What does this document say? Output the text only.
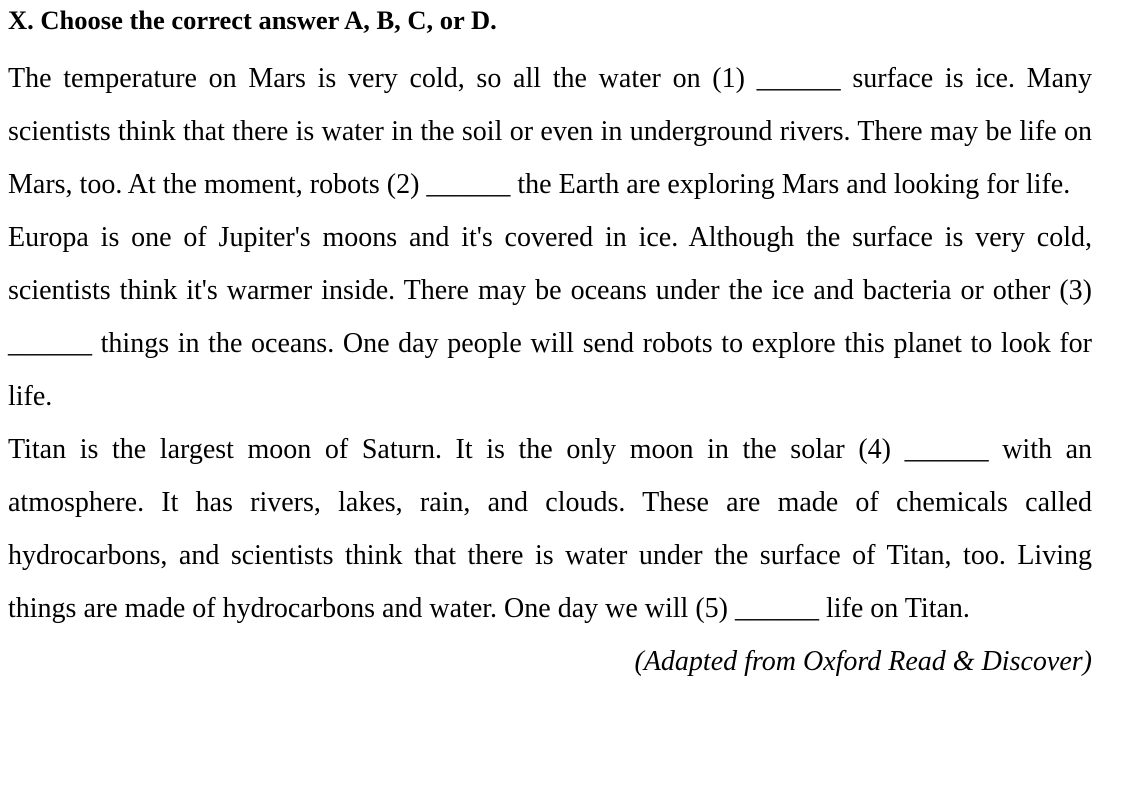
X. Choose the correct answer A, B, C, or D.

The temperature on Mars is very cold, so all the water on (1) ______ surface is ice. Many scientists think that there is water in the soil or even in underground rivers. There may be life on Mars, too. At the moment, robots (2) ______ the Earth are exploring Mars and looking for life.

Europa is one of Jupiter's moons and it's covered in ice. Although the surface is very cold, scientists think it's warmer inside. There may be oceans under the ice and bacteria or other (3) ______ things in the oceans. One day people will send robots to explore this planet to look for life.

Titan is the largest moon of Saturn. It is the only moon in the solar (4) ______ with an atmosphere. It has rivers, lakes, rain, and clouds. These are made of chemicals called hydrocarbons, and scientists think that there is water under the surface of Titan, too. Living things are made of hydrocarbons and water. One day we will (5) ______ life on Titan.

(Adapted from Oxford Read & Discover)
